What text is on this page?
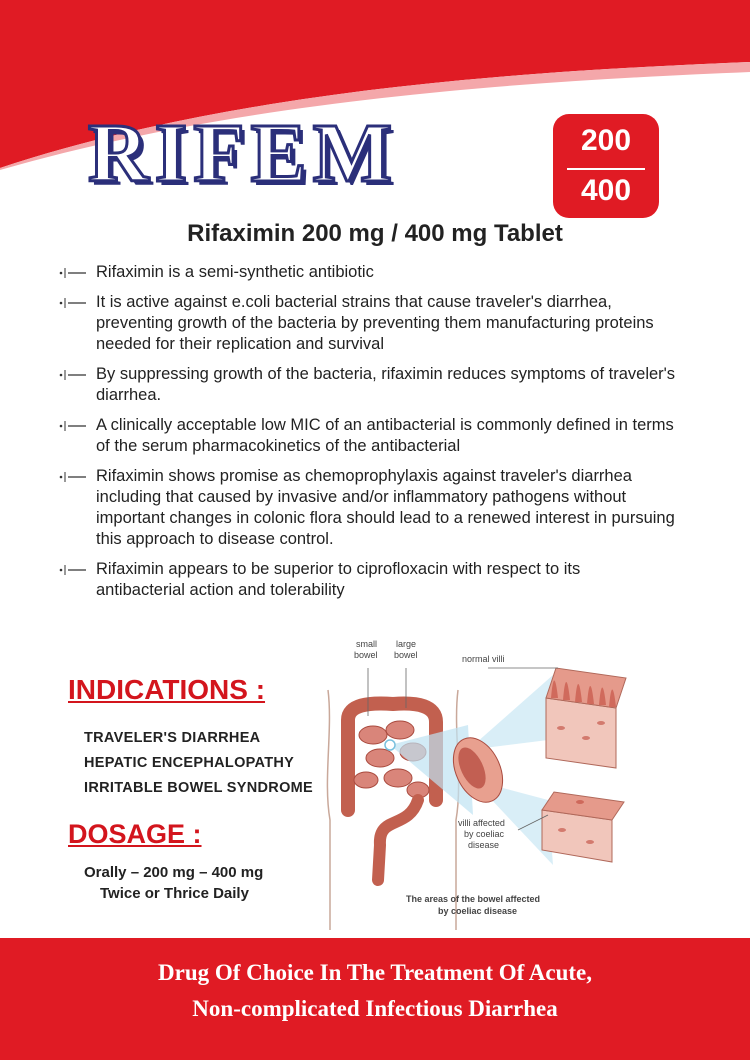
RIFEM	200
400
Rifaximin 200 mg / 400 mg Tablet
Rifaximin is a semi-synthetic antibiotic
It is active against e.coli bacterial strains that cause traveler's diarrhea, preventing growth of the bacteria by preventing them manufacturing proteins needed for their replication and survival
By suppressing growth of the bacteria, rifaximin reduces symptoms of traveler's diarrhea.
A clinically acceptable low MIC of an antibacterial is commonly defined in terms of the serum pharmacokinetics of the antibacterial
Rifaximin shows promise as chemoprophylaxis against traveler's diarrhea including that caused by invasive and/or inflammatory pathogens without important changes in colonic flora should lead to a renewed interest in pursuing this approach to disease control.
Rifaximin appears to be superior to ciprofloxacin with respect to its antibacterial action and tolerability
INDICATIONS :
TRAVELER'S DIARRHEA
HEPATIC ENCEPHALOPATHY
IRRITABLE BOWEL SYNDROME
DOSAGE :
Orally – 200 mg – 400 mg
Twice or Thrice Daily
small
bowel
large
bowel	normal villi
villi affected
by coeliac
disease
The areas of the bowel affected
by coeliac disease
Drug Of Choice In The Treatment Of Acute,
Non-complicated Infectious Diarrhea
